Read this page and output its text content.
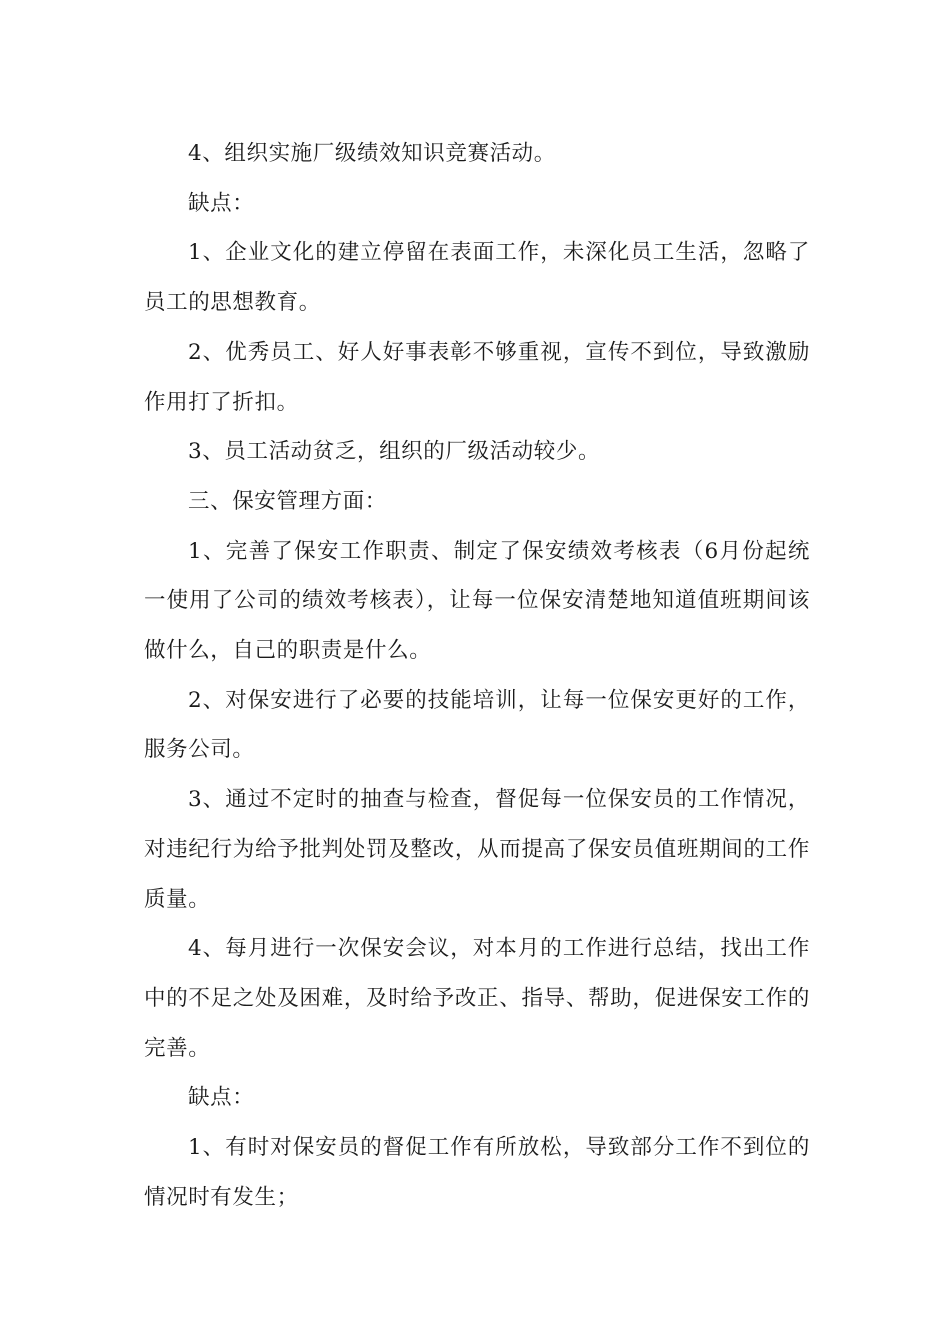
4、组织实施厂级绩效知识竞赛活动。

缺点：

1、企业文化的建立停留在表面工作，未深化员工生活，忽略了员工的思想教育。

2、优秀员工、好人好事表彰不够重视，宣传不到位，导致激励作用打了折扣。

3、员工活动贫乏，组织的厂级活动较少。

三、保安管理方面：

1、完善了保安工作职责、制定了保安绩效考核表（6月份起统一使用了公司的绩效考核表），让每一位保安清楚地知道值班期间该做什么，自己的职责是什么。

2、对保安进行了必要的技能培训，让每一位保安更好的工作，服务公司。

3、通过不定时的抽查与检查，督促每一位保安员的工作情况，对违纪行为给予批判处罚及整改，从而提高了保安员值班期间的工作质量。

4、每月进行一次保安会议，对本月的工作进行总结，找出工作中的不足之处及困难，及时给予改正、指导、帮助，促进保安工作的完善。

缺点：

1、有时对保安员的督促工作有所放松，导致部分工作不到位的情况时有发生；
